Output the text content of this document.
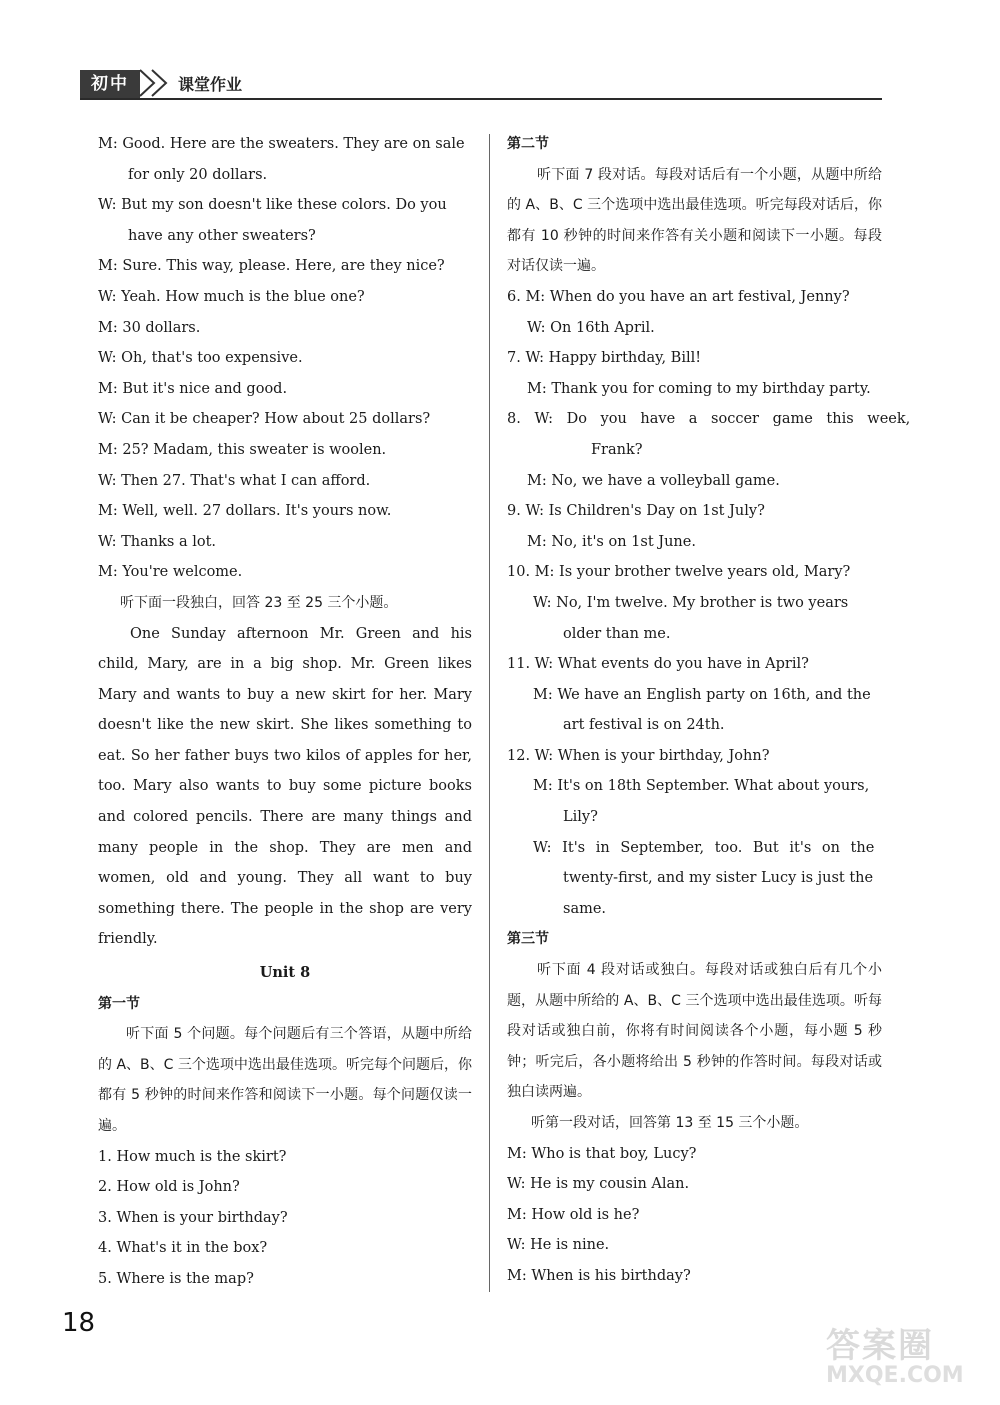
初中	课堂作业
M: Good. Here are the sweaters. They are on sale
for only 20 dollars.
W: But my son doesn't like these colors. Do you
have any other sweaters?
M: Sure. This way, please. Here, are they nice?
W: Yeah. How much is the blue one?
M: 30 dollars.
W: Oh, that's too expensive.
M: But it's nice and good.
W: Can it be cheaper? How about 25 dollars?
M: 25? Madam, this sweater is woolen.
W: Then 27. That's what I can afford.
M: Well, well. 27 dollars. It's yours now.
W: Thanks a lot.
M: You're welcome.
听下面一段独白，回答 23 至 25 三个小题。
One Sunday afternoon Mr. Green and his child, Mary, are in a big shop. Mr. Green likes Mary and wants to buy a new skirt for her. Mary doesn't like the new skirt. She likes something to eat. So her father buys two kilos of apples for her, too. Mary also wants to buy some picture books and colored pencils. There are many things and many people in the shop. They are men and women, old and young. They all want to buy something there. The people in the shop are very friendly.
Unit 8
第一节
听下面 5 个问题。每个问题后有三个答语，从题中所给的 A、B、C 三个选项中选出最佳选项。听完每个问题后，你都有 5 秒钟的时间来作答和阅读下一小题。每个问题仅读一遍。
1. How much is the skirt?
2. How old is John?
3. When is your birthday?
4. What's it in the box?
5. Where is the map?
第二节
听下面 7 段对话。每段对话后有一个小题，从题中所给的 A、B、C 三个选项中选出最佳选项。听完每段对话后，你都有 10 秒钟的时间来作答有关小题和阅读下一小题。每段对话仅读一遍。
6. M: When do you have an art festival, Jenny?
W: On 16th April.
7. W: Happy birthday, Bill!
M: Thank you for coming to my birthday party.
8. W: Do you have a soccer game this week,
Frank?
M: No, we have a volleyball game.
9. W: Is Children's Day on 1st July?
M: No, it's on 1st June.
10. M: Is your brother twelve years old, Mary?
W: No, I'm twelve. My brother is two years
older than me.
11. W: What events do you have in April?
M: We have an English party on 16th, and the
art festival is on 24th.
12. W: When is your birthday, John?
M: It's on 18th September. What about yours,
Lily?
W: It's in September, too. But it's on the
twenty-first, and my sister Lucy is just the
same.
第三节
听下面 4 段对话或独白。每段对话或独白后有几个小题，从题中所给的 A、B、C 三个选项中选出最佳选项。听每段对话或独白前，你将有时间阅读各个小题，每小题 5 秒钟；听完后，各小题将给出 5 秒钟的作答时间。每段对话或独白读两遍。
听第一段对话，回答第 13 至 15 三个小题。
M: Who is that boy, Lucy?
W: He is my cousin Alan.
M: How old is he?
W: He is nine.
M: When is his birthday?
18
答案圈
MXQE.COM
